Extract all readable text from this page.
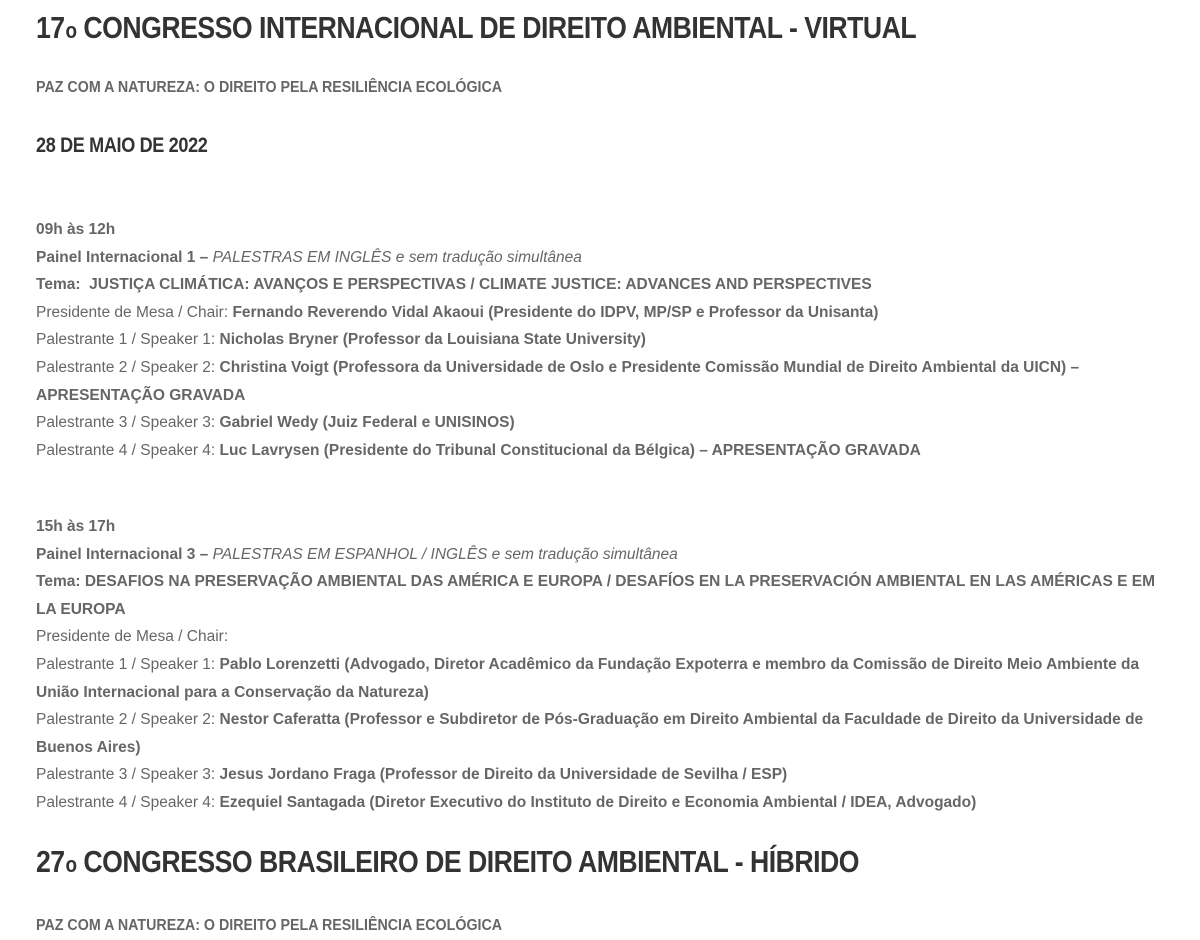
17o CONGRESSO INTERNACIONAL DE DIREITO AMBIENTAL - VIRTUAL

PAZ COM A NATUREZA: O DIREITO PELA RESILIÊNCIA ECOLÓGICA

28 DE MAIO DE 2022

09h às 12h

Painel Internacional 1 – PALESTRAS EM INGLÊS e sem tradução simultânea

Tema:  JUSTIÇA CLIMÁTICA: AVANÇOS E PERSPECTIVAS / CLIMATE JUSTICE: ADVANCES AND PERSPECTIVES

Presidente de Mesa / Chair: Fernando Reverendo Vidal Akaoui (Presidente do IDPV, MP/SP e Professor da Unisanta)

Palestrante 1 / Speaker 1: Nicholas Bryner (Professor da Louisiana State University)

Palestrante 2 / Speaker 2: Christina Voigt (Professora da Universidade de Oslo e Presidente Comissão Mundial de Direito Ambiental da UICN) – APRESENTAÇÃO GRAVADA

Palestrante 3 / Speaker 3: Gabriel Wedy (Juiz Federal e UNISINOS)

Palestrante 4 / Speaker 4: Luc Lavrysen (Presidente do Tribunal Constitucional da Bélgica) – APRESENTAÇÃO GRAVADA

15h às 17h

Painel Internacional 3 – PALESTRAS EM ESPANHOL / INGLÊS e sem tradução simultânea

Tema: DESAFIOS NA PRESERVAÇÃO AMBIENTAL DAS AMÉRICA E EUROPA / DESAFÍOS EN LA PRESERVACIÓN AMBIENTAL EN LAS AMÉRICAS E EM LA EUROPA

Presidente de Mesa / Chair:

Palestrante 1 / Speaker 1: Pablo Lorenzetti (Advogado, Diretor Acadêmico da Fundação Expoterra e membro da Comissão de Direito Meio Ambiente da União Internacional para a Conservação da Natureza)

Palestrante 2 / Speaker 2: Nestor Caferatta (Professor e Subdiretor de Pós-Graduação em Direito Ambiental da Faculdade de Direito da Universidade de Buenos Aires)

Palestrante 3 / Speaker 3: Jesus Jordano Fraga (Professor de Direito da Universidade de Sevilha / ESP)

Palestrante 4 / Speaker 4: Ezequiel Santagada (Diretor Executivo do Instituto de Direito e Economia Ambiental / IDEA, Advogado)

27o CONGRESSO BRASILEIRO DE DIREITO AMBIENTAL - HÍBRIDO

PAZ COM A NATUREZA: O DIREITO PELA RESILIÊNCIA ECOLÓGICA
